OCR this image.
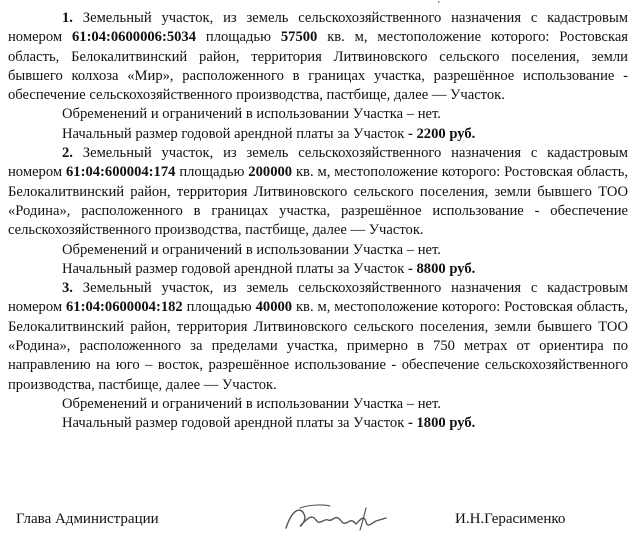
'

1. Земельный участок, из земель сельскохозяйственного назначения с кадастровым номером 61:04:0600006:5034 площадью 57500 кв. м, местоположение которого: Ростовская область, Белокалитвинский район, территория Литвиновского сельского поселения, земли бывшего колхоза «Мир», расположенного в границах участка, разрешённое использование - обеспечение сельскохозяйственного производства, пастбище, далее — Участок.

Обременений и ограничений в использовании Участка – нет.

Начальный размер годовой арендной платы за Участок - 2200 руб.

2. Земельный участок, из земель сельскохозяйственного назначения с кадастровым номером 61:04:600004:174 площадью 200000 кв. м, местоположение которого: Ростовская область, Белокалитвинский район, территория Литвиновского сельского поселения, земли бывшего ТОО «Родина», расположенного в границах участка, разрешённое использование - обеспечение сельскохозяйственного производства, пастбище, далее — Участок.

Обременений и ограничений в использовании Участка – нет.

Начальный размер годовой арендной платы за Участок - 8800 руб.

3. Земельный участок, из земель сельскохозяйственного назначения с кадастровым номером 61:04:0600004:182 площадью 40000 кв. м, местоположение которого: Ростовская область, Белокалитвинский район, территория Литвиновского сельского поселения, земли бывшего ТОО «Родина», расположенного за пределами участка, примерно в 750 метрах от ориентира по направлению на юго – восток, разрешённое использование - обеспечение сельскохозяйственного производства, пастбище, далее — Участок.

Обременений и ограничений в использовании Участка – нет.

Начальный размер годовой арендной платы за Участок - 1800 руб.

Глава Администрации	И.Н.Герасименко
